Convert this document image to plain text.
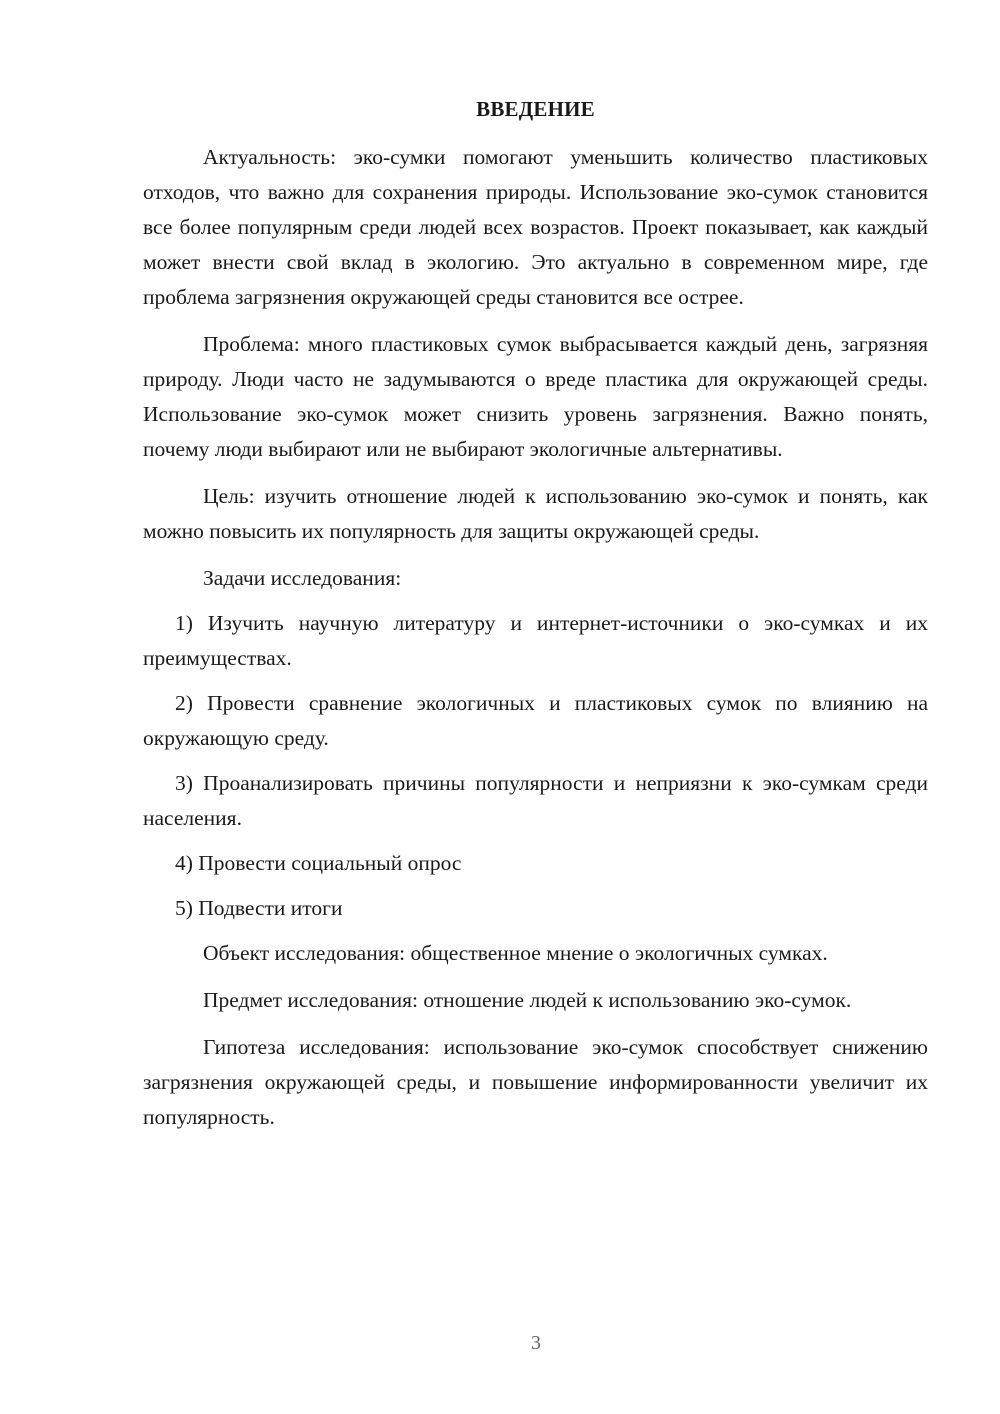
ВВЕДЕНИЕ

Актуальность: эко-сумки помогают уменьшить количество пластиковых отходов, что важно для сохранения природы. Использование эко-сумок становится все более популярным среди людей всех возрастов. Проект показывает, как каждый может внести свой вклад в экологию. Это актуально в современном мире, где проблема загрязнения окружающей среды становится все острее.

Проблема: много пластиковых сумок выбрасывается каждый день, загрязняя природу. Люди часто не задумываются о вреде пластика для окружающей среды. Использование эко-сумок может снизить уровень загрязнения. Важно понять, почему люди выбирают или не выбирают экологичные альтернативы.

Цель: изучить отношение людей к использованию эко-сумок и понять, как можно повысить их популярность для защиты окружающей среды.

Задачи исследования:

1) Изучить научную литературу и интернет-источники о эко-сумках и их преимуществах.

2) Провести сравнение экологичных и пластиковых сумок по влиянию на окружающую среду.

3) Проанализировать причины популярности и неприязни к эко-сумкам среди населения.

4) Провести социальный опрос

5) Подвести итоги

Объект исследования: общественное мнение о экологичных сумках.

Предмет исследования: отношение людей к использованию эко-сумок.

Гипотеза исследования: использование эко-сумок способствует снижению загрязнения окружающей среды, и повышение информированности увеличит их популярность.

3
